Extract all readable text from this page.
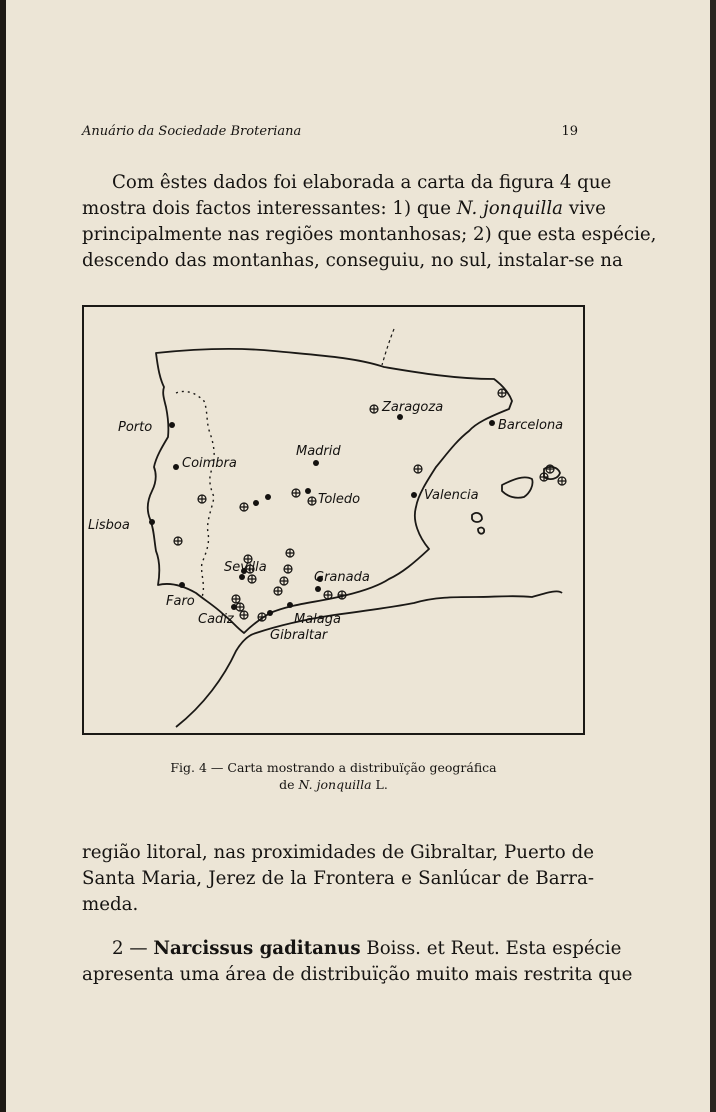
Anuário da Sociedade Broteriana	19
Com êstes dados foi elaborada a carta da figura 4 que
mostra dois factos interessantes: 1) que N. jonquilla vive
principalmente nas regiões montanhosas; 2) que esta espécie,
descendo das montanhas, conseguiu, no sul, instalar-se na
Porto
Coimbra
Lisboa
Faro
Cadiz
Sevilla
Madrid
Toledo
Zaragoza
Barcelona
Valencia
Granada
Malaga
Gibraltar
Fig. 4 — Carta mostrando a distribuïção geográfica
de N. jonquilla L.
região litoral, nas proximidades de Gibraltar, Puerto de
Santa Maria, Jerez de la Frontera e Sanlúcar de Barra-
meda.
2 — Narcissus gaditanus Boiss. et Reut. Esta espécie
apresenta uma área de distribuïção muito mais restrita que
